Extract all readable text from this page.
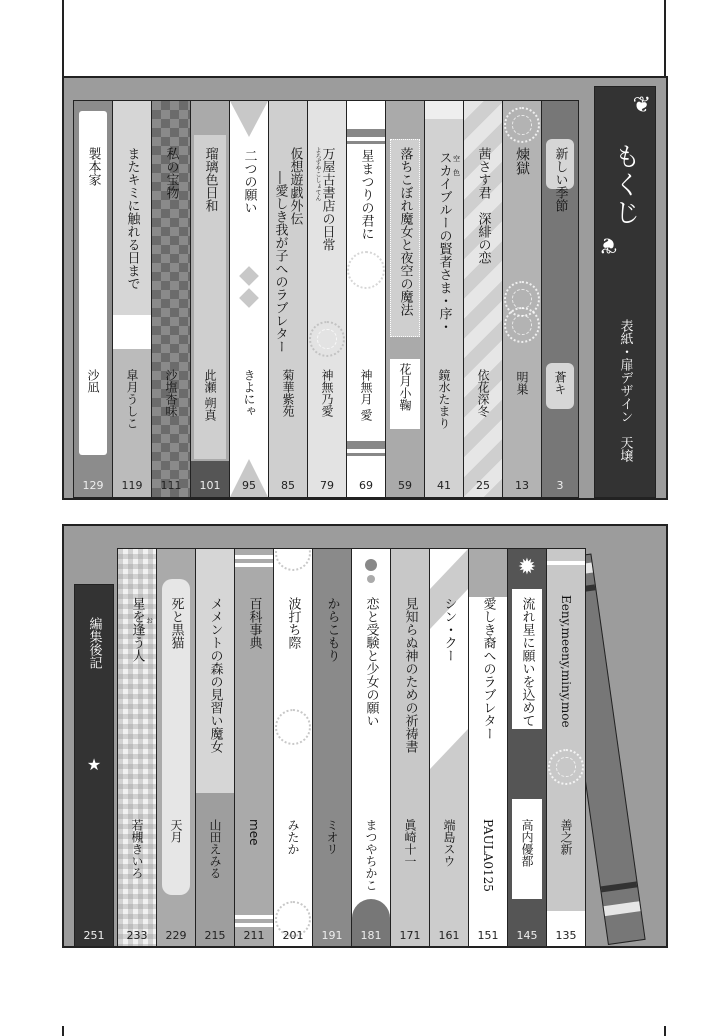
❦
もくじ
❦
表紙・扉デザイン　天壌
新しい季節
蒼キ
3
煉獄
明巣
13
茜さす君　深緋の恋
依花深冬
25
空　色
スカイブルーの賢者さま・序・
鏡水たまり
41
落ちこぼれ魔女と夜空の魔法
花月小鞠
59
星まつりの君に
神無月 愛
69
よろずやこしょてん
万屋古書店の日常
神無乃愛
79
仮想遊戯外伝
―愛しき我が子へのラブレター
菊華紫苑
85
二つの願い
きよにゃ
95
瑠璃色日和
此瀬 朔真
101
私の宝物
沙塩杏味
111
またキミに触れる日まで
皐月うしこ
119
製本家
沙凪
129
Eeny,meeny,miny,moe
善之新
135
✹
流れ星に願いを込めて
高内優都
145
愛しき裔へのラブレター
PAULA0125
151
シン・クー
端島スウ
161
見知らぬ神のための祈祷書
眞崎十一
171
恋と受験と少女の願い
まつやちかこ
181
からこもり
ミオリ
191
波打ち際
みたか
201
百科事典
mee
211
メメントの森の見習い魔女
山田えみる
215
死と黒猫
天月
229
お
星を逢う人
若槻きいろ
233
編集後記
★
251
